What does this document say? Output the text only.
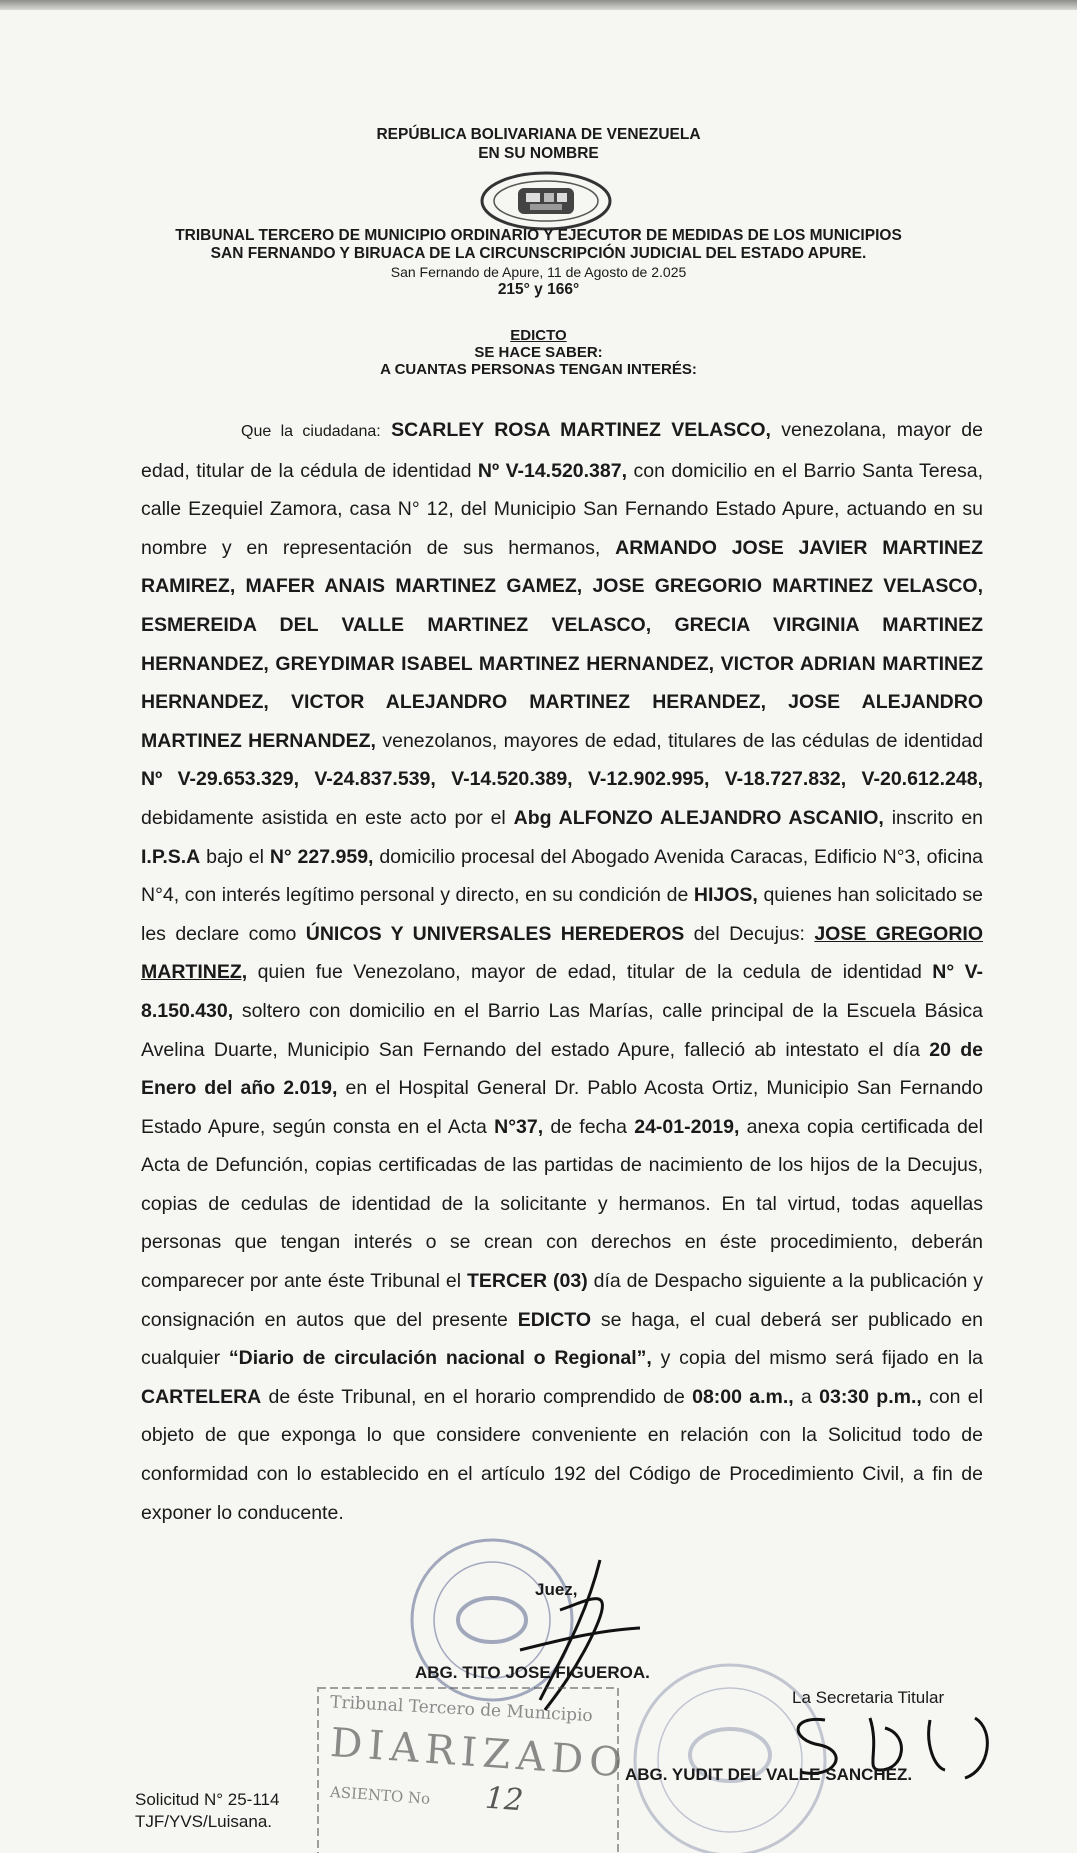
REPÚBLICA BOLIVARIANA DE VENEZUELA
EN SU NOMBRE
TRIBUNAL TERCERO DE MUNICIPIO ORDINARIO Y EJECUTOR DE MEDIDAS DE LOS MUNICIPIOS
SAN FERNANDO Y BIRUACA DE LA CIRCUNSCRIPCIÓN JUDICIAL DEL ESTADO APURE.
San Fernando de Apure, 11 de Agosto de 2.025
215° y 166°
EDICTO
SE HACE SABER:
A CUANTAS PERSONAS TENGAN INTERÉS:
Que la ciudadana: SCARLEY ROSA MARTINEZ VELASCO, venezolana, mayor de edad, titular de la cédula de identidad Nº V-14.520.387, con domicilio en el Barrio Santa Teresa, calle Ezequiel Zamora, casa N° 12, del Municipio San Fernando Estado Apure, actuando en su nombre y en representación de sus hermanos, ARMANDO JOSE JAVIER MARTINEZ RAMIREZ, MAFER ANAIS MARTINEZ GAMEZ, JOSE GREGORIO MARTINEZ VELASCO, ESMEREIDA DEL VALLE MARTINEZ VELASCO, GRECIA VIRGINIA MARTINEZ HERNANDEZ, GREYDIMAR ISABEL MARTINEZ HERNANDEZ, VICTOR ADRIAN MARTINEZ HERNANDEZ, VICTOR ALEJANDRO MARTINEZ HERANDEZ, JOSE ALEJANDRO MARTINEZ HERNANDEZ, venezolanos, mayores de edad, titulares de las cédulas de identidad Nº V-29.653.329, V-24.837.539, V-14.520.389, V-12.902.995, V-18.727.832, V-20.612.248, debidamente asistida en este acto por el Abg ALFONZO ALEJANDRO ASCANIO, inscrito en I.P.S.A bajo el N° 227.959, domicilio procesal del Abogado Avenida Caracas, Edificio N°3, oficina N°4, con interés legítimo personal y directo, en su condición de HIJOS, quienes han solicitado se les declare como ÚNICOS Y UNIVERSALES HEREDEROS del Decujus: JOSE GREGORIO MARTINEZ, quien fue Venezolano, mayor de edad, titular de la cedula de identidad N° V-8.150.430, soltero con domicilio en el Barrio Las Marías, calle principal de la Escuela Básica Avelina Duarte, Municipio San Fernando del estado Apure, falleció ab intestato el día 20 de Enero del año 2.019, en el Hospital General Dr. Pablo Acosta Ortiz, Municipio San Fernando Estado Apure, según consta en el Acta N°37, de fecha 24-01-2019, anexa copia certificada del Acta de Defunción, copias certificadas de las partidas de nacimiento de los hijos de la Decujus, copias de cedulas de identidad de la solicitante y hermanos. En tal virtud, todas aquellas personas que tengan interés o se crean con derechos en éste procedimiento, deberán comparecer por ante éste Tribunal el TERCER (03) día de Despacho siguiente a la publicación y consignación en autos que del presente EDICTO se haga, el cual deberá ser publicado en cualquier “Diario de circulación nacional o Regional”, y copia del mismo será fijado en la CARTELERA de éste Tribunal, en el horario comprendido de 08:00 a.m., a 03:30 p.m., con el objeto de que exponga lo que considere conveniente en relación con la Solicitud todo de conformidad con lo establecido en el artículo 192 del Código de Procedimiento Civil, a fin de exponer lo conducente.
Juez,
ABG. TITO JOSE FIGUEROA.
La Secretaria Titular
ABG. YUDIT DEL VALLE SANCHEZ.
Tribunal Tercero de Municipio
DIARIZADO
ASIENTO No 12
Solicitud N° 25-114
TJF/YVS/Luisana.
